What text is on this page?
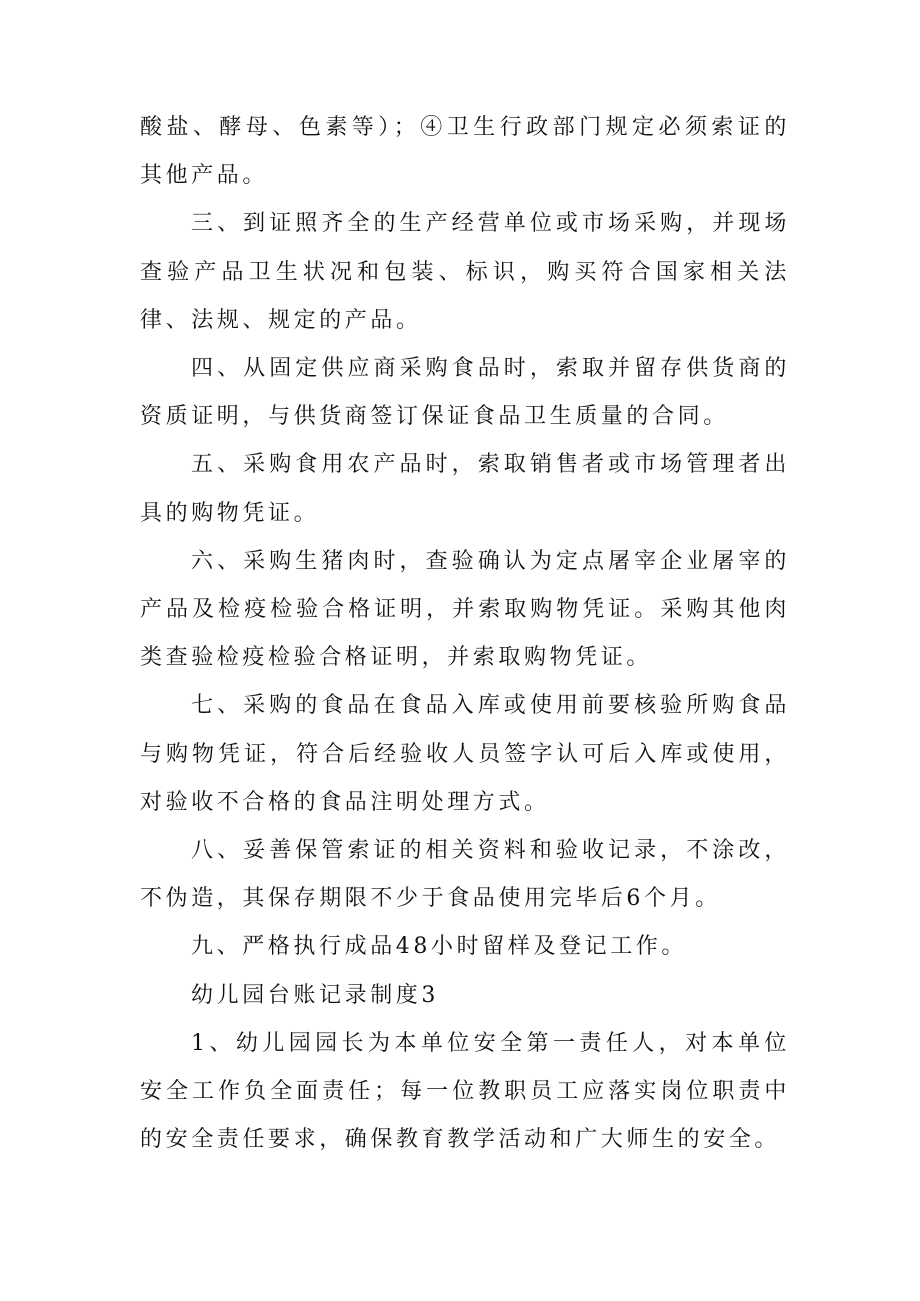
酸盐、酵母、色素等）；④卫生行政部门规定必须索证的其他产品。

三、到证照齐全的生产经营单位或市场采购，并现场查验产品卫生状况和包装、标识，购买符合国家相关法律、法规、规定的产品。

四、从固定供应商采购食品时，索取并留存供货商的资质证明，与供货商签订保证食品卫生质量的合同。

五、采购食用农产品时，索取销售者或市场管理者出具的购物凭证。

六、采购生猪肉时，查验确认为定点屠宰企业屠宰的产品及检疫检验合格证明，并索取购物凭证。采购其他肉类查验检疫检验合格证明，并索取购物凭证。

七、采购的食品在食品入库或使用前要核验所购食品与购物凭证，符合后经验收人员签字认可后入库或使用，对验收不合格的食品注明处理方式。

八、妥善保管索证的相关资料和验收记录，不涂改，不伪造，其保存期限不少于食品使用完毕后6个月。

九、严格执行成品48小时留样及登记工作。

幼儿园台账记录制度3

1、幼儿园园长为本单位安全第一责任人，对本单位安全工作负全面责任；每一位教职员工应落实岗位职责中的安全责任要求，确保教育教学活动和广大师生的安全。
